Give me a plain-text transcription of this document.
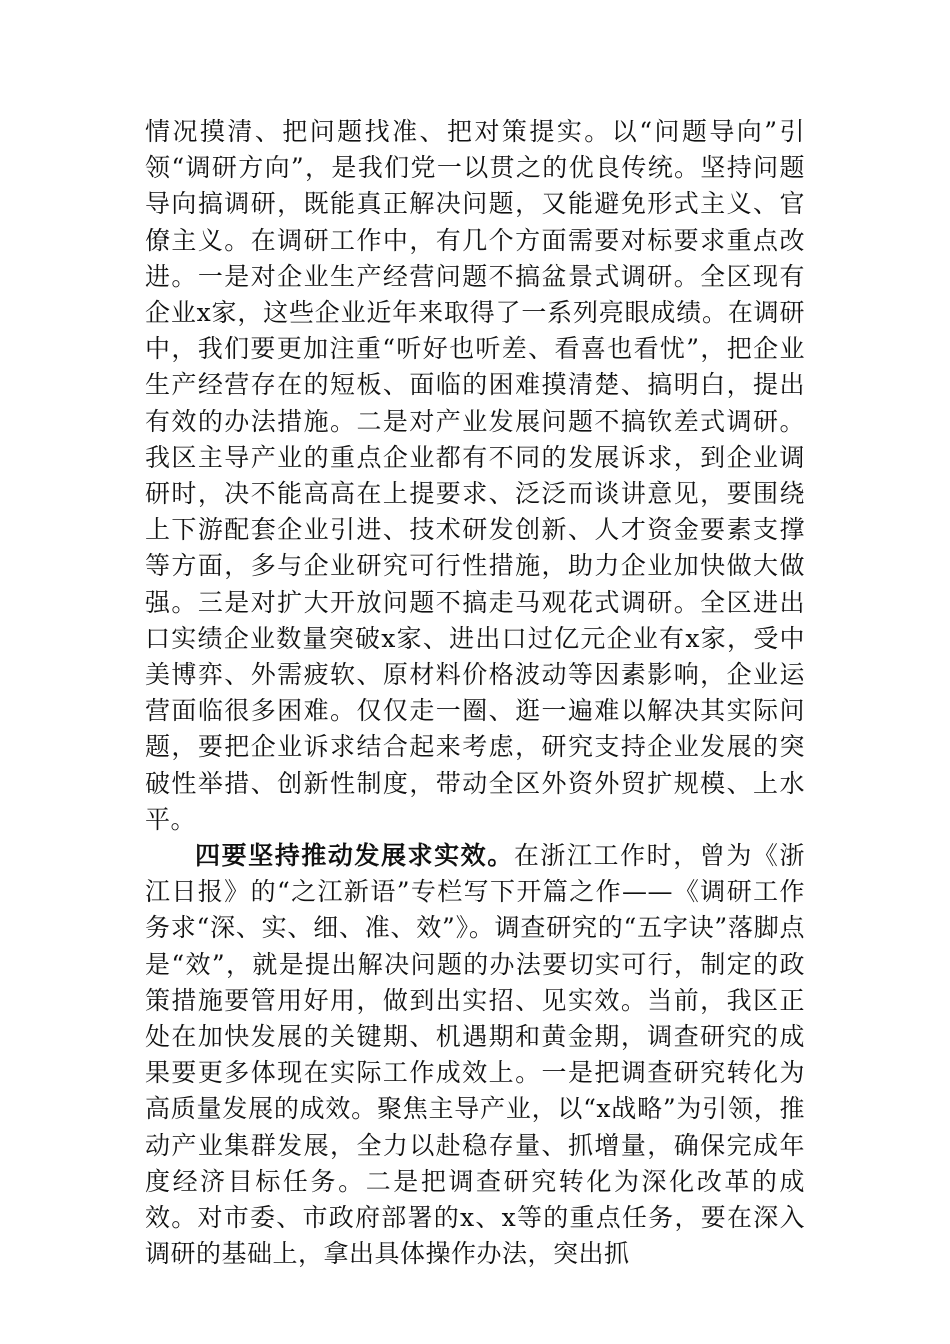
情况摸清、把问题找准、把对策提实。以“问题导向”引领“调研方向”，是我们党一以贯之的优良传统。坚持问题导向搞调研，既能真正解决问题，又能避免形式主义、官僚主义。在调研工作中，有几个方面需要对标要求重点改进。一是对企业生产经营问题不搞盆景式调研。全区现有企业x家，这些企业近年来取得了一系列亮眼成绩。在调研中，我们要更加注重“听好也听差、看喜也看忧”，把企业生产经营存在的短板、面临的困难摸清楚、搞明白，提出有效的办法措施。二是对产业发展问题不搞钦差式调研。我区主导产业的重点企业都有不同的发展诉求，到企业调研时，决不能高高在上提要求、泛泛而谈讲意见，要围绕上下游配套企业引进、技术研发创新、人才资金要素支撑等方面，多与企业研究可行性措施，助力企业加快做大做强。三是对扩大开放问题不搞走马观花式调研。全区进出口实绩企业数量突破x家、进出口过亿元企业有x家，受中美博弈、外需疲软、原材料价格波动等因素影响，企业运营面临很多困难。仅仅走一圈、逛一遍难以解决其实际问题，要把企业诉求结合起来考虑，研究支持企业发展的突破性举措、创新性制度，带动全区外资外贸扩规模、上水平。

四要坚持推动发展求实效。在浙江工作时，曾为《浙江日报》的“之江新语”专栏写下开篇之作——《调研工作务求“深、实、细、准、效”》。调查研究的“五字诀”落脚点是“效”，就是提出解决问题的办法要切实可行，制定的政策措施要管用好用，做到出实招、见实效。当前，我区正处在加快发展的关键期、机遇期和黄金期，调查研究的成果要更多体现在实际工作成效上。一是把调查研究转化为高质量发展的成效。聚焦主导产业，以“x战略”为引领，推动产业集群发展，全力以赴稳存量、抓增量，确保完成年度经济目标任务。二是把调查研究转化为深化改革的成效。对市委、市政府部署的x、x等的重点任务，要在深入调研的基础上，拿出具体操作办法，突出抓
